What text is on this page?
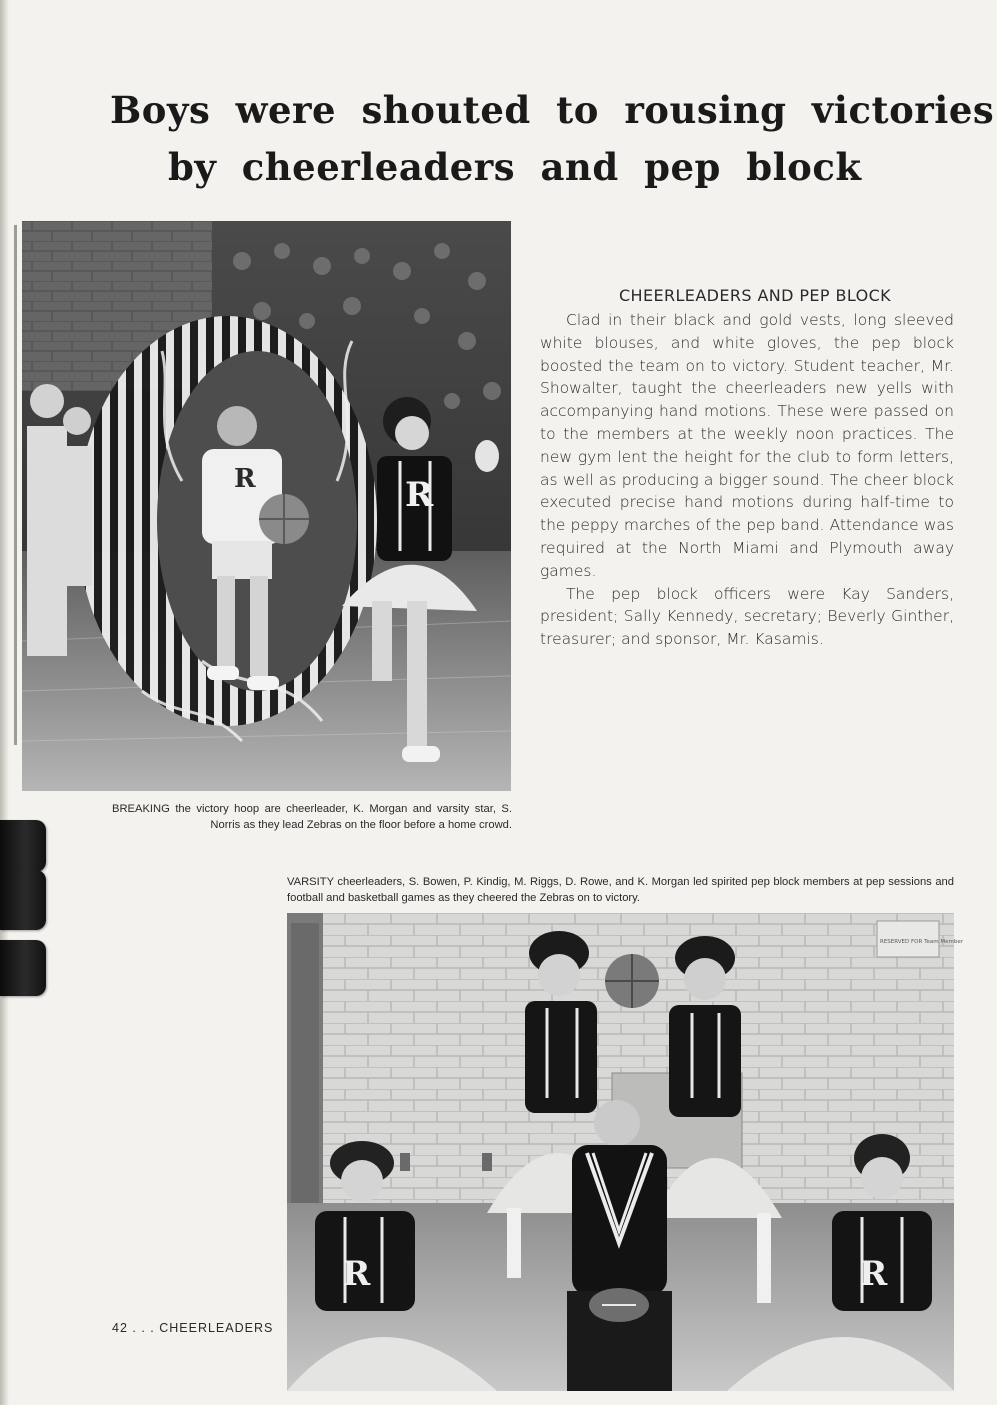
Boys were shouted to rousing victories
by cheerleaders and pep block
R	R
CHEERLEADERS AND PEP BLOCK

Clad in their black and gold vests, long sleeved white blouses, and white gloves, the pep block boosted the team on to victory. Student teacher, Mr. Showalter, taught the cheerleaders new yells with accompanying hand motions. These were passed on to the members at the weekly noon practices. The new gym lent the height for the club to form letters, as well as producing a bigger sound. The cheer block executed precise hand motions during half-time to the peppy marches of the pep band. Attendance was required at the North Miami and Plymouth away games.

The pep block officers were Kay Sanders, president; Sally Kennedy, secretary; Beverly Ginther, treasurer; and sponsor, Mr. Kasamis.

BREAKING the victory hoop are cheerleader, K. Morgan and varsity star, S. Norris as they lead Zebras on the floor before a home crowd.

VARSITY cheerleaders, S. Bowen, P. Kindig, M. Riggs, D. Rowe, and K. Morgan led spirited pep block members at pep sessions and football and basketball games as they cheered the Zebras on to victory.

RESERVED FOR Team Member
R	R
42 . . . CHEERLEADERS
